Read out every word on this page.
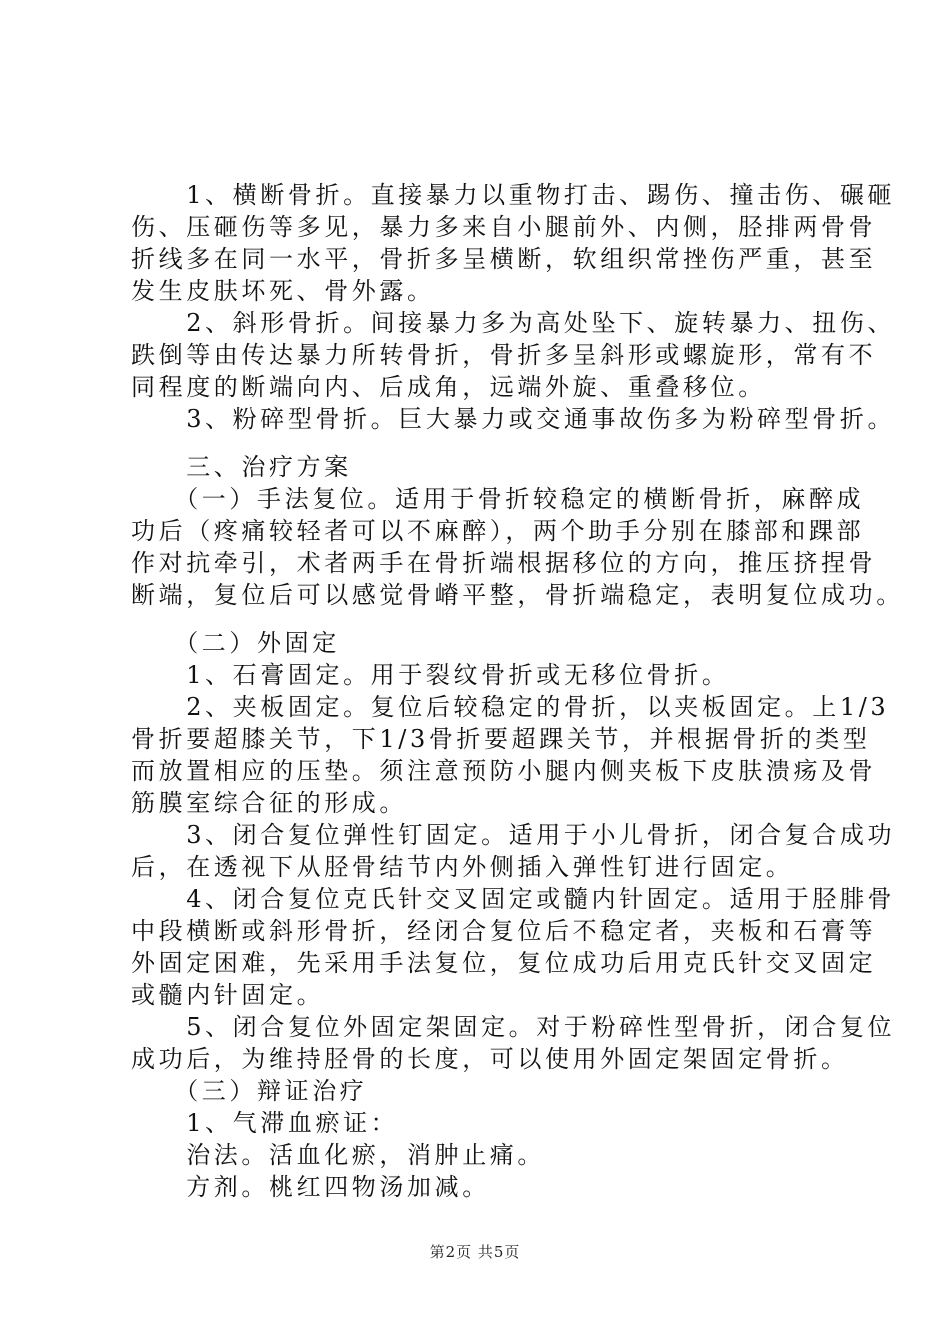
　　1、横断骨折。直接暴力以重物打击、踢伤、撞击伤、碾砸
伤、压砸伤等多见，暴力多来自小腿前外、内侧，胫排两骨骨
折线多在同一水平，骨折多呈横断，软组织常挫伤严重，甚至
发生皮肤坏死、骨外露。
　　2、斜形骨折。间接暴力多为高处坠下、旋转暴力、扭伤、
跌倒等由传达暴力所转骨折，骨折多呈斜形或螺旋形，常有不
同程度的断端向内、后成角，远端外旋、重叠移位。
　　3、粉碎型骨折。巨大暴力或交通事故伤多为粉碎型骨折。
　　三、治疗方案
　　（一）手法复位。适用于骨折较稳定的横断骨折，麻醉成
功后（疼痛较轻者可以不麻醉），两个助手分别在膝部和踝部
作对抗牵引，术者两手在骨折端根据移位的方向，推压挤捏骨
断端，复位后可以感觉骨嵴平整，骨折端稳定，表明复位成功。
　　（二）外固定
　　1、石膏固定。用于裂纹骨折或无移位骨折。
　　2、夹板固定。复位后较稳定的骨折，以夹板固定。上1/3
骨折要超膝关节，下1/3骨折要超踝关节，并根据骨折的类型
而放置相应的压垫。须注意预防小腿内侧夹板下皮肤溃疡及骨
筋膜室综合征的形成。
　　3、闭合复位弹性钉固定。适用于小儿骨折，闭合复合成功
后，在透视下从胫骨结节内外侧插入弹性钉进行固定。
　　4、闭合复位克氏针交叉固定或髓内针固定。适用于胫腓骨
中段横断或斜形骨折，经闭合复位后不稳定者，夹板和石膏等
外固定困难，先采用手法复位，复位成功后用克氏针交叉固定
或髓内针固定。
　　5、闭合复位外固定架固定。对于粉碎性型骨折，闭合复位
成功后，为维持胫骨的长度，可以使用外固定架固定骨折。
　　（三）辩证治疗
　　1、气滞血瘀证：
　　治法。活血化瘀，消肿止痛。
　　方剂。桃红四物汤加减。
第2页 共5页
